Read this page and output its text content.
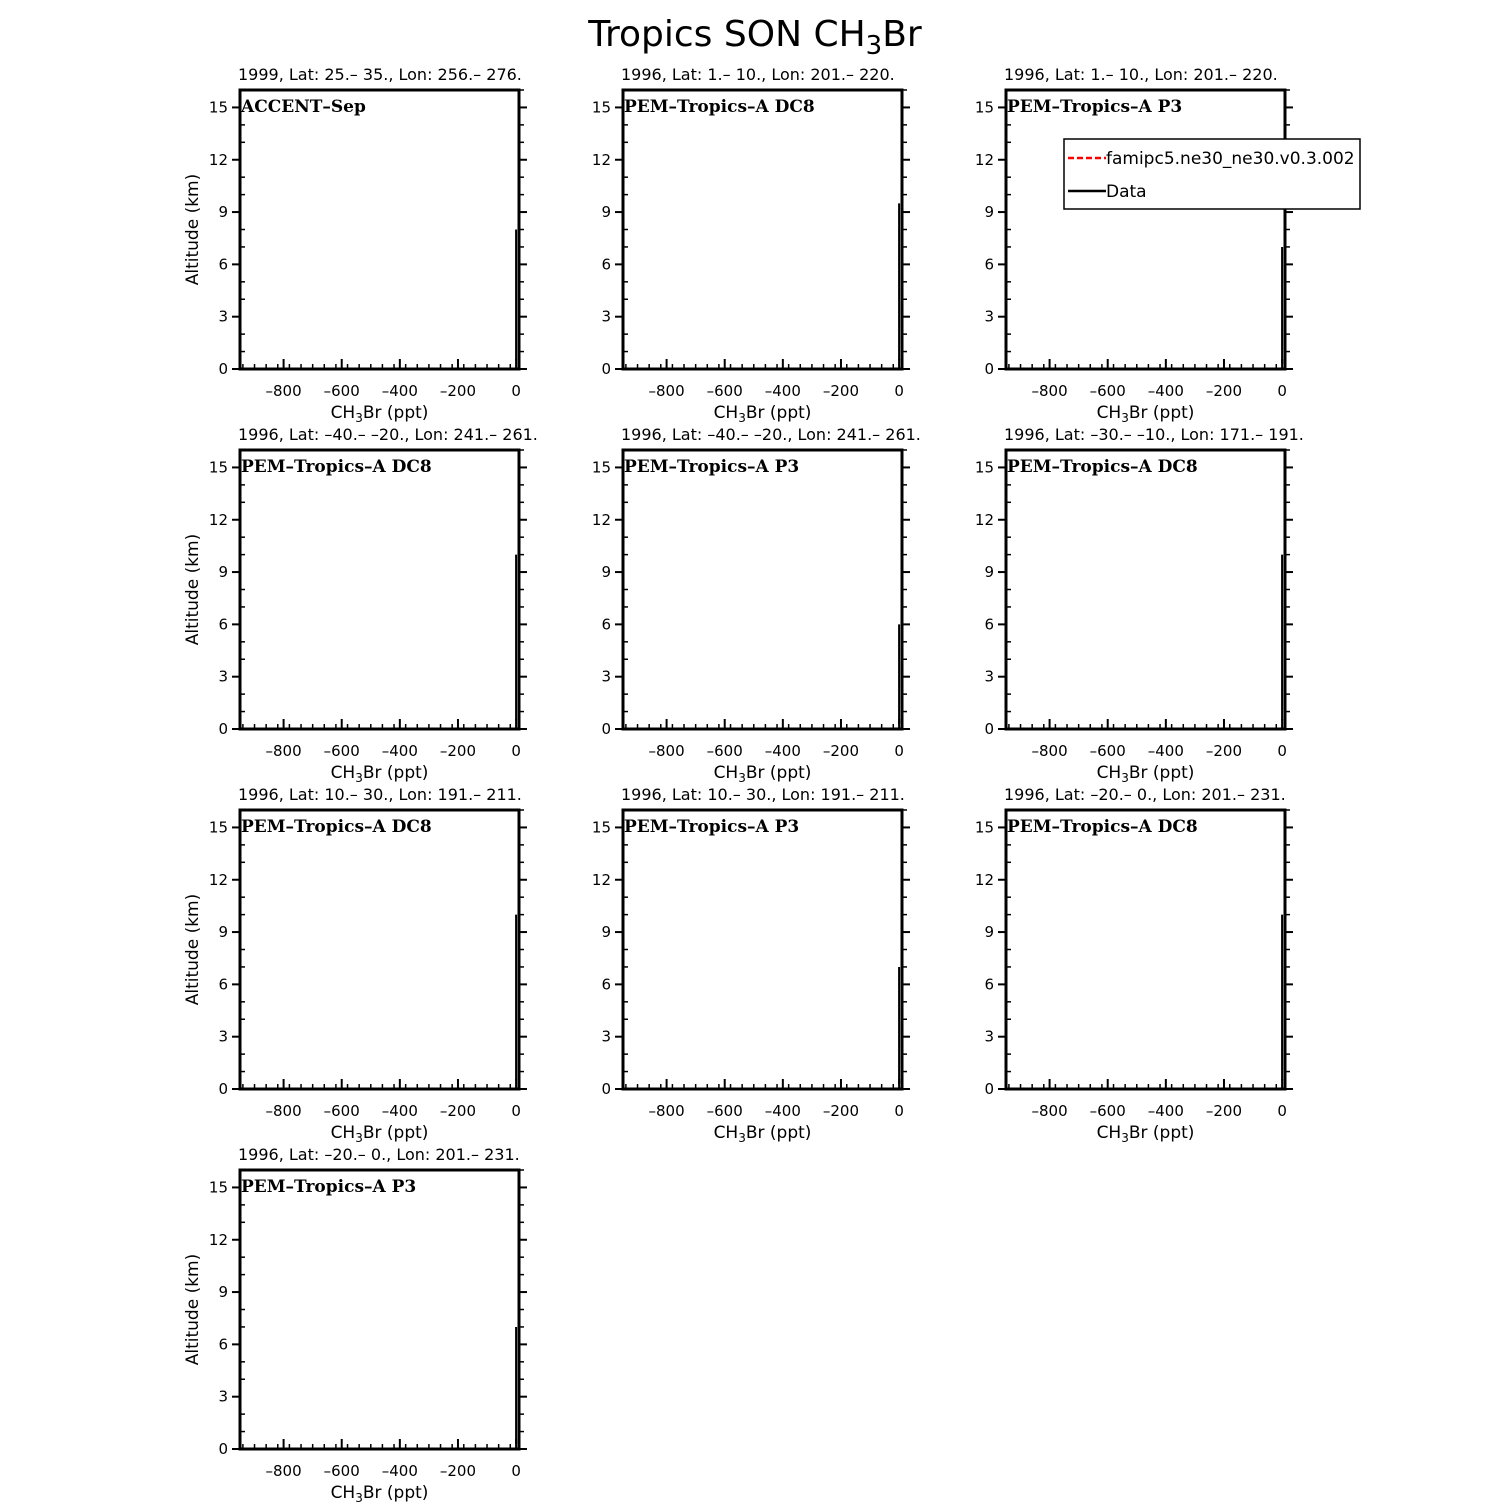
Tropics SON $CH_3Br$
1999, Lat: 25.– 35., Lon: 256.– 276.
0
3
6
9
12
15
–800 –600 –400 –200 0
ACCENT–Sep
$CH_3Br$ (ppt)
Altitude (km)
1996, Lat: 1.– 10., Lon: 201.– 220.
0
3
6
9
12
15
–800 –600 –400 –200 0
PEM–Tropics–A DC8
$CH_3Br$ (ppt)
1996, Lat: 1.– 10., Lon: 201.– 220.
0
3
6
9
12
15
–800 –600 –400 –200 0
PEM–Tropics–A P3
$CH_3Br$ (ppt)
famipc5.ne30_ne30.v0.3.002
Data
1996, Lat: –40.– –20., Lon: 241.– 261.
0
3
6
9
12
15
–800 –600 –400 –200 0
PEM–Tropics–A DC8
$CH_3Br$ (ppt)
Altitude (km)
1996, Lat: –40.– –20., Lon: 241.– 261.
0
3
6
9
12
15
–800 –600 –400 –200 0
PEM–Tropics–A P3
$CH_3Br$ (ppt)
1996, Lat: –30.– –10., Lon: 171.– 191.
0
3
6
9
12
15
–800 –600 –400 –200 0
PEM–Tropics–A DC8
$CH_3Br$ (ppt)
1996, Lat: 10.– 30., Lon: 191.– 211.
0
3
6
9
12
15
–800 –600 –400 –200 0
PEM–Tropics–A DC8
$CH_3Br$ (ppt)
Altitude (km)
1996, Lat: 10.– 30., Lon: 191.– 211.
0
3
6
9
12
15
–800 –600 –400 –200 0
PEM–Tropics–A P3
$CH_3Br$ (ppt)
1996, Lat: –20.– 0., Lon: 201.– 231.
0
3
6
9
12
15
–800 –600 –400 –200 0
PEM–Tropics–A DC8
$CH_3Br$ (ppt)
1996, Lat: –20.– 0., Lon: 201.– 231.
0
3
6
9
12
15
–800 –600 –400 –200 0
PEM–Tropics–A P3
$CH_3Br$ (ppt)
Altitude (km)
